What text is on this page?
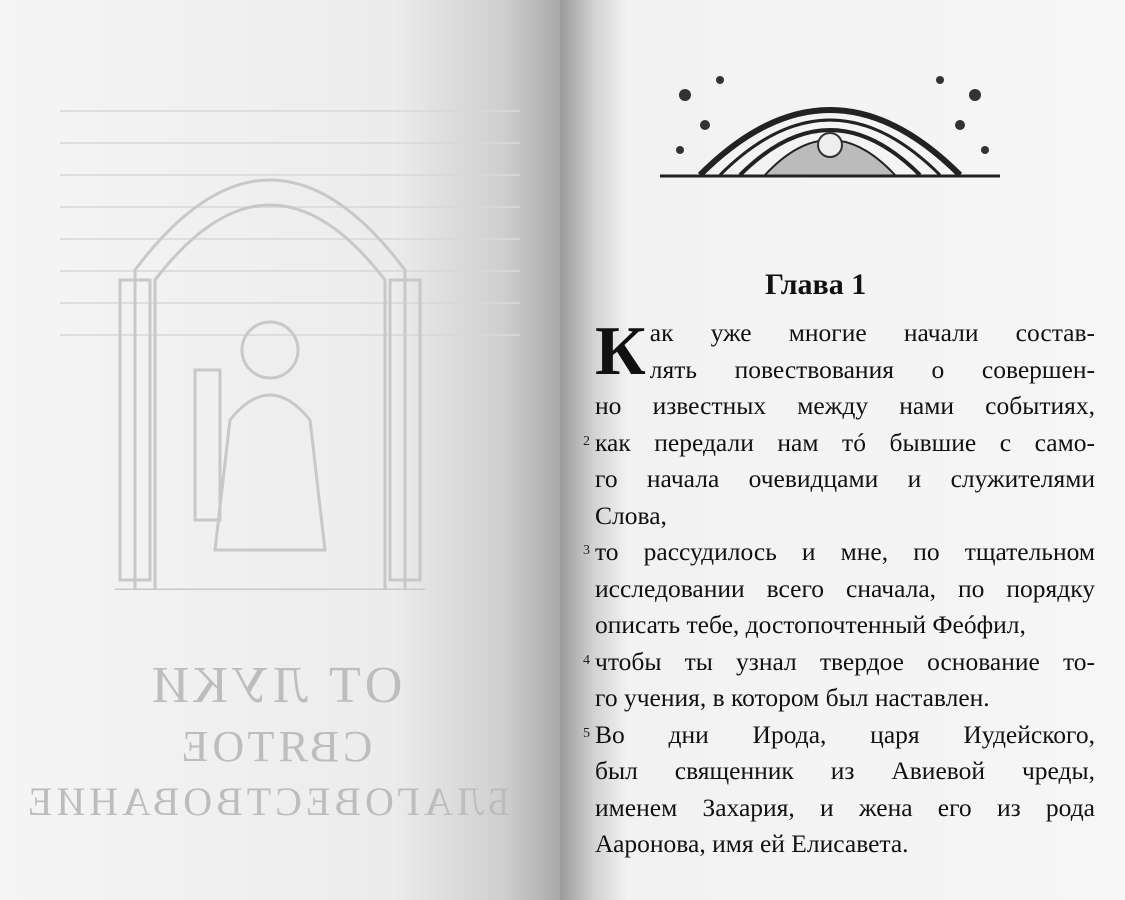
ОТ ЛУКИ
СВЯТОЕ
БЛАГОВЕСТВОВАНИЕ
Глава 1
К ак уже многие начали состав-
лять повествования о совершен-
но известных между нами событиях,
2 как передали нам тó бывшие с само-
го начала очевидцами и служителями
Слова,
3 то рассудилось и мне, по тщательном
исследовании всего сначала, по порядку
описать тебе, достопочтенный Феóфил,
4 чтобы ты узнал твердое основание то-
го учения, в котором был наставлен.
5 Во дни Ирода, царя Иудейского,
был священник из Авиевой чреды,
именем Захария, и жена его из рода
Ааронова, имя ей Елисавета.
